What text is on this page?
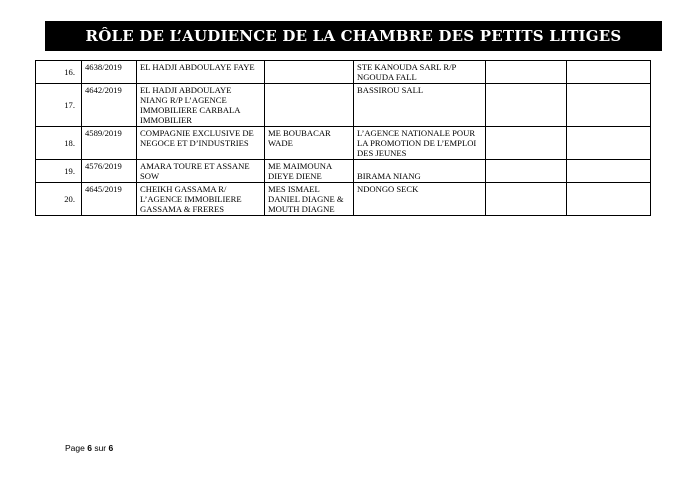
RÔLE DE L’AUDIENCE DE LA CHAMBRE DES PETITS LITIGES
16.	4638/2019	EL HADJI ABDOULAYE FAYE		STE KANOUDA SARL R/P NGOUDA FALL		
17.	4642/2019	EL HADJI ABDOULAYE NIANG R/P L’AGENCE IMMOBILIERE CARBALA IMMOBILIER		BASSIROU SALL		
18.	4589/2019	COMPAGNIE EXCLUSIVE DE NEGOCE ET D’INDUSTRIES	ME BOUBACAR WADE	L’AGENCE NATIONALE POUR LA PROMOTION DE L’EMPLOI DES JEUNES		
19.	4576/2019	AMARA TOURE ET ASSANE SOW	ME MAIMOUNA DIEYE DIENE	BIRAMA NIANG		
20.	4645/2019	CHEIKH GASSAMA R/ L’AGENCE IMMOBILIERE GASSAMA & FRERES	MES ISMAEL DANIEL DIAGNE & MOUTH DIAGNE	NDONGO SECK		
Page 6 sur 6
